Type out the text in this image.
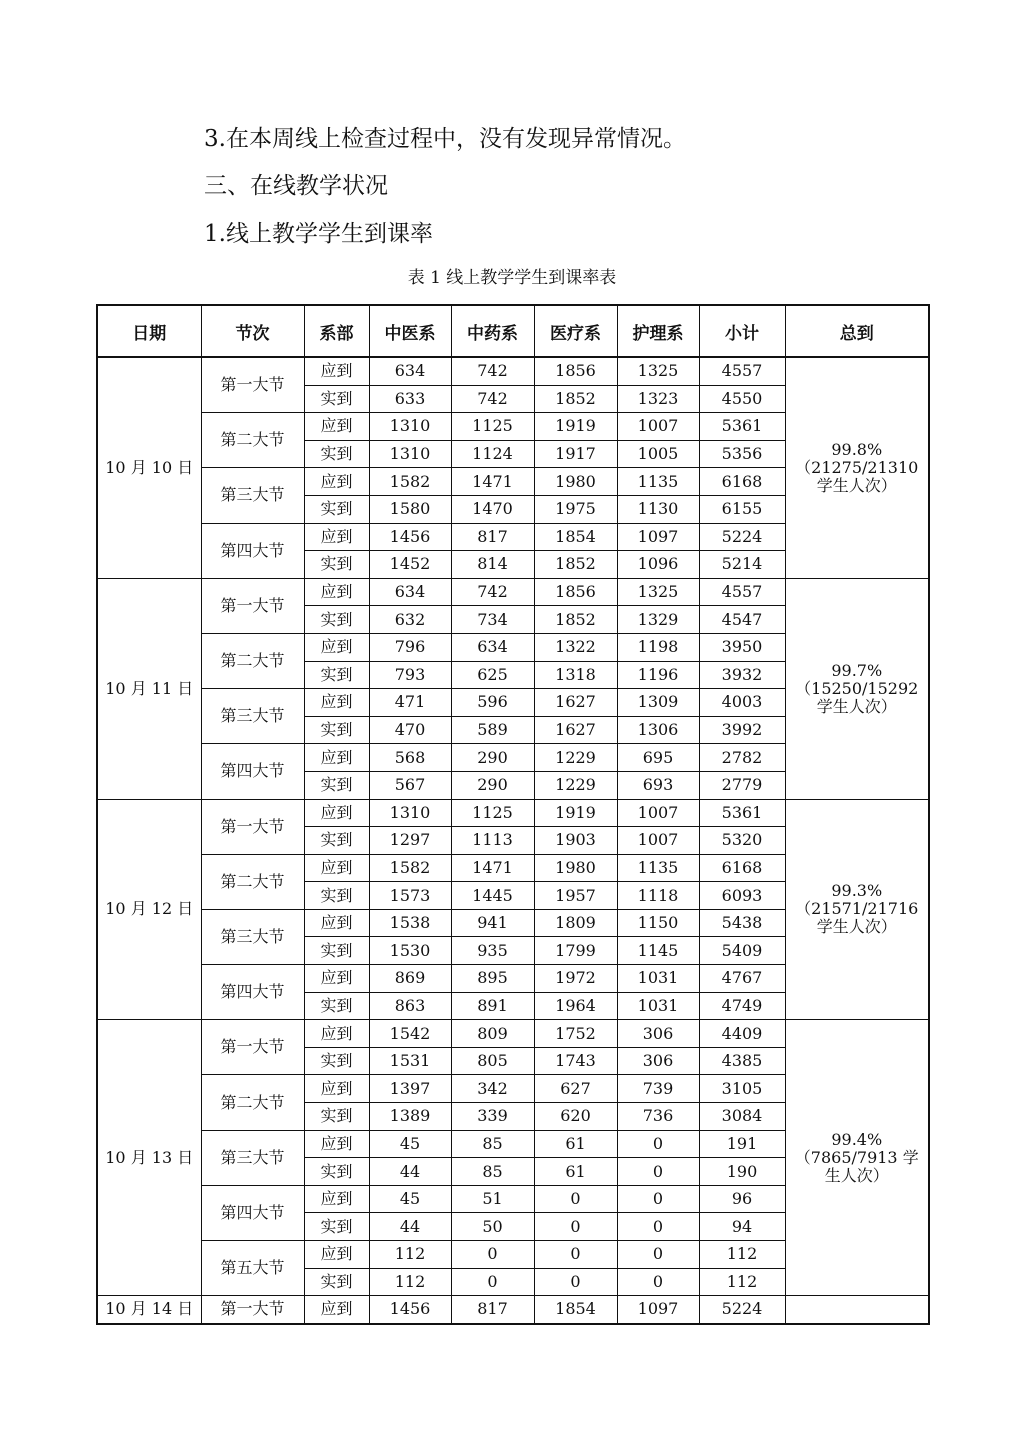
3.在本周线上检查过程中，没有发现异常情况。
三、在线教学状况
1.线上教学学生到课率
表 1 线上教学学生到课率表
日期	节次	系部	中医系	中药系	医疗系	护理系	小计	总到
10 月 10 日	第一大节	应到	634	742	1856	1325	4557	99.8%
（21275/21310
学生人次）

		实到	633	742	1852	1323	4550	
	第二大节	应到	1310	1125	1919	1007	5361	
		实到	1310	1124	1917	1005	5356	
	第三大节	应到	1582	1471	1980	1135	6168	
		实到	1580	1470	1975	1130	6155	
	第四大节	应到	1456	817	1854	1097	5224	
		实到	1452	814	1852	1096	5214	
10 月 11 日	第一大节	应到	634	742	1856	1325	4557	99.7%
（15250/15292
学生人次）

		实到	632	734	1852	1329	4547	
	第二大节	应到	796	634	1322	1198	3950	
		实到	793	625	1318	1196	3932	
	第三大节	应到	471	596	1627	1309	4003	
		实到	470	589	1627	1306	3992	
	第四大节	应到	568	290	1229	695	2782	
		实到	567	290	1229	693	2779	
10 月 12 日	第一大节	应到	1310	1125	1919	1007	5361	99.3%
（21571/21716
学生人次）

		实到	1297	1113	1903	1007	5320	
	第二大节	应到	1582	1471	1980	1135	6168	
		实到	1573	1445	1957	1118	6093	
	第三大节	应到	1538	941	1809	1150	5438	
		实到	1530	935	1799	1145	5409	
	第四大节	应到	869	895	1972	1031	4767	
		实到	863	891	1964	1031	4749	
10 月 13 日	第一大节	应到	1542	809	1752	306	4409	99.4%
（7865/7913 学
生人次）

		实到	1531	805	1743	306	4385	
	第二大节	应到	1397	342	627	739	3105	
		实到	1389	339	620	736	3084	
	第三大节	应到	45	85	61	0	191	
		实到	44	85	61	0	190	
	第四大节	应到	45	51	0	0	96	
		实到	44	50	0	0	94	
	第五大节	应到	112	0	0	0	112	
		实到	112	0	0	0	112	
10 月 14 日	第一大节	应到	1456	817	1854	1097	5224	
